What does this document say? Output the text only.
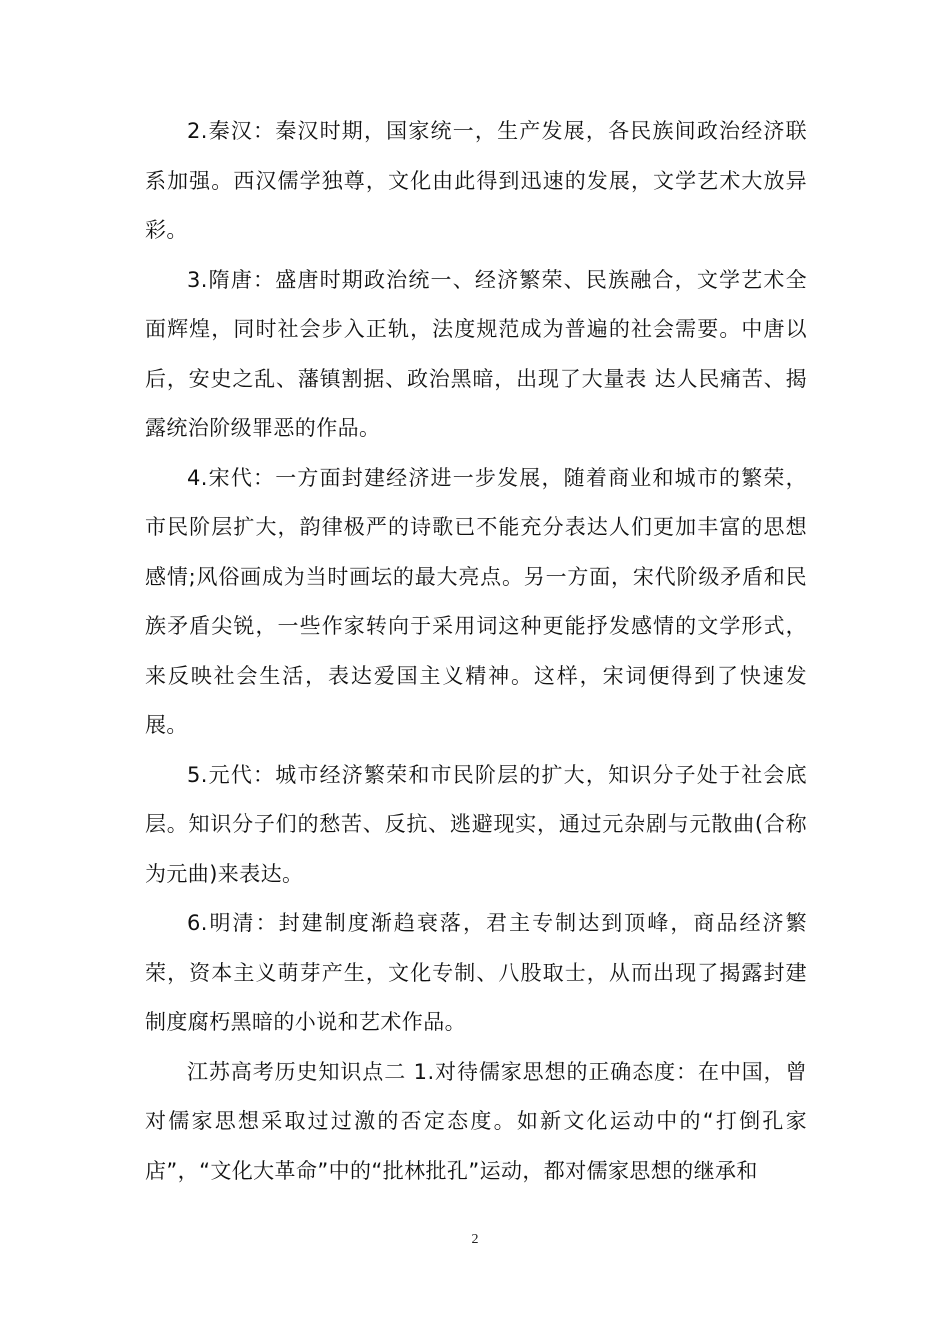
2.秦汉：秦汉时期，国家统一，生产发展，各民族间政治经济联系加强。西汉儒学独尊，文化由此得到迅速的发展，文学艺术大放异彩。

3.隋唐：盛唐时期政治统一、经济繁荣、民族融合，文学艺术全面辉煌，同时社会步入正轨，法度规范成为普遍的社会需要。中唐以后，安史之乱、藩镇割据、政治黑暗，出现了大量表 达人民痛苦、揭露统治阶级罪恶的作品。

4.宋代：一方面封建经济进一步发展，随着商业和城市的繁荣，市民阶层扩大，韵律极严的诗歌已不能充分表达人们更加丰富的思想感情;风俗画成为当时画坛的最大亮点。另一方面，宋代阶级矛盾和民族矛盾尖锐，一些作家转向于采用词这种更能抒发感情的文学形式，来反映社会生活，表达爱国主义精神。这样，宋词便得到了快速发展。

5.元代：城市经济繁荣和市民阶层的扩大，知识分子处于社会底层。知识分子们的愁苦、反抗、逃避现实，通过元杂剧与元散曲(合称为元曲)来表达。

6.明清：封建制度渐趋衰落，君主专制达到顶峰，商品经济繁荣，资本主义萌芽产生，文化专制、八股取士，从而出现了揭露封建制度腐朽黑暗的小说和艺术作品。

江苏高考历史知识点二 1.对待儒家思想的正确态度：在中国，曾对儒家思想采取过过激的否定态度。如新文化运动中的“打倒孔家店”，“文化大革命”中的“批林批孔”运动，都对儒家思想的继承和

2
